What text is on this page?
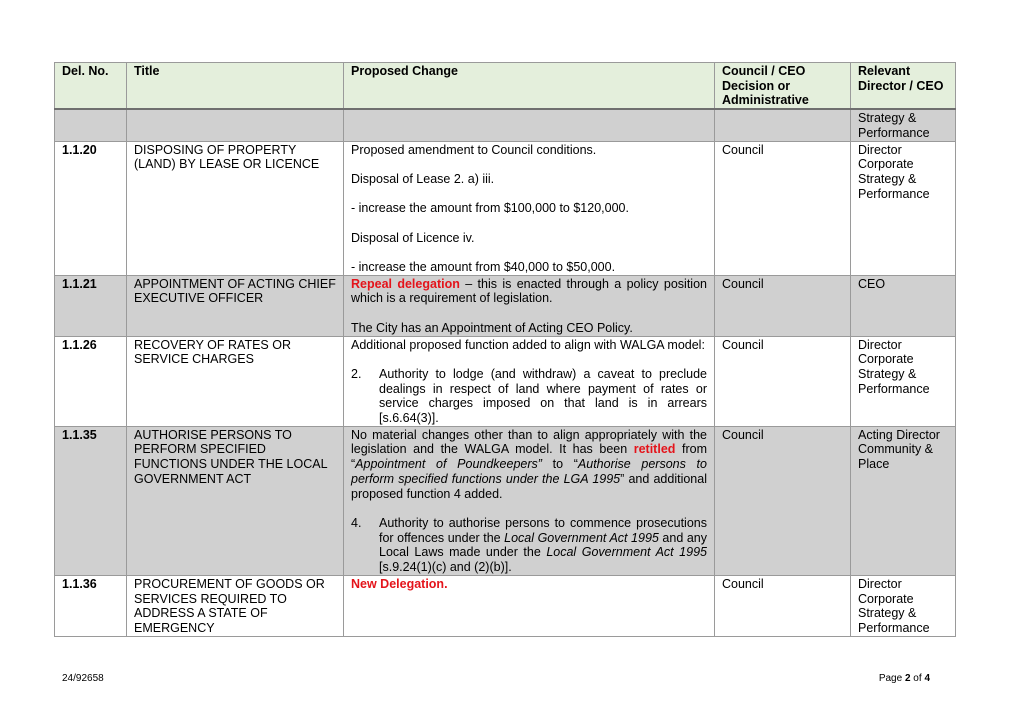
Del. No.	Title	Proposed Change	Council / CEO Decision or Administrative	Relevant Director / CEO
				Strategy & Performance
1.1.20	DISPOSING OF PROPERTY (LAND) BY LEASE OR LICENCE	Proposed amendment to Council conditions.

Disposal of Lease 2. a) iii.

- increase the amount from $100,000 to $120,000.

Disposal of Licence iv.

- increase the amount from $40,000 to $50,000.	Council	Director Corporate Strategy & Performance
1.1.21	APPOINTMENT OF ACTING CHIEF EXECUTIVE OFFICER	Repeal delegation – this is enacted through a policy position which is a requirement of legislation.

The City has an Appointment of Acting CEO Policy.	Council	CEO
1.1.26	RECOVERY OF RATES OR SERVICE CHARGES	Additional proposed function added to align with WALGA model:

2. Authority to lodge (and withdraw) a caveat to preclude dealings in respect of land where payment of rates or service charges imposed on that land is in arrears [s.6.64(3)].	Council	Director Corporate Strategy & Performance
1.1.35	AUTHORISE PERSONS TO PERFORM SPECIFIED FUNCTIONS UNDER THE LOCAL GOVERNMENT ACT	No material changes other than to align appropriately with the legislation and the WALGA model. It has been retitled from “Appointment of Poundkeepers” to “Authorise persons to perform specified functions under the LGA 1995” and additional proposed function 4 added.

4. Authority to authorise persons to commence prosecutions for offences under the Local Government Act 1995 and any Local Laws made under the Local Government Act 1995 [s.9.24(1)(c) and (2)(b)].	Council	Acting Director Community & Place
1.1.36	PROCUREMENT OF GOODS OR SERVICES REQUIRED TO ADDRESS A STATE OF EMERGENCY	New Delegation.	Council	Director Corporate Strategy & Performance
24/92658	Page 2 of 4
